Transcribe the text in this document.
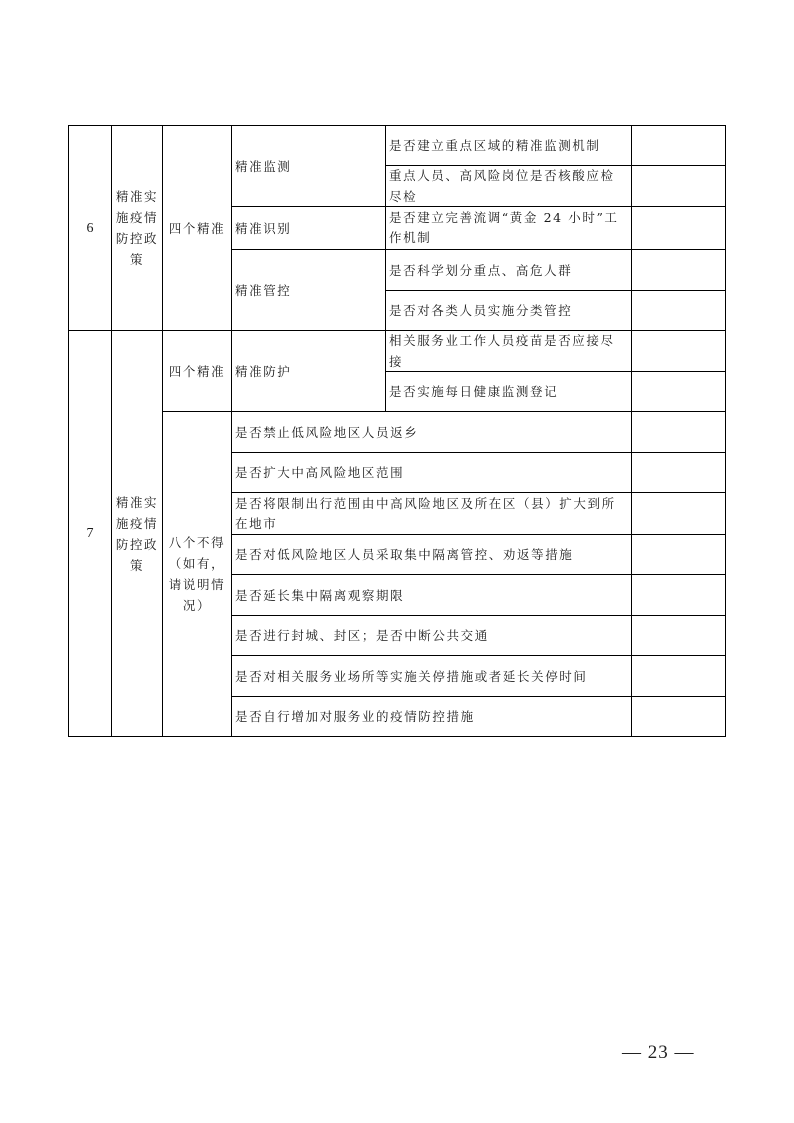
6
精准实施疫情防控政策
四个精准
精准监测
是否建立重点区域的精准监测机制
重点人员、高风险岗位是否核酸应检尽检
精准识别
是否建立完善流调“黄金 24 小时”工作机制
精准管控
是否科学划分重点、高危人群
是否对各类人员实施分类管控
7
精准实施疫情防控政策
四个精准 精准防护
相关服务业工作人员疫苗是否应接尽接
是否实施每日健康监测登记
八个不得（如有，请说明情况）
是否禁止低风险地区人员返乡
是否扩大中高风险地区范围
是否将限制出行范围由中高风险地区及所在区（县）扩大到所在地市
是否对低风险地区人员采取集中隔离管控、劝返等措施
是否延长集中隔离观察期限
是否进行封城、封区；是否中断公共交通
是否对相关服务业场所等实施关停措施或者延长关停时间
是否自行增加对服务业的疫情防控措施
— 23 —
